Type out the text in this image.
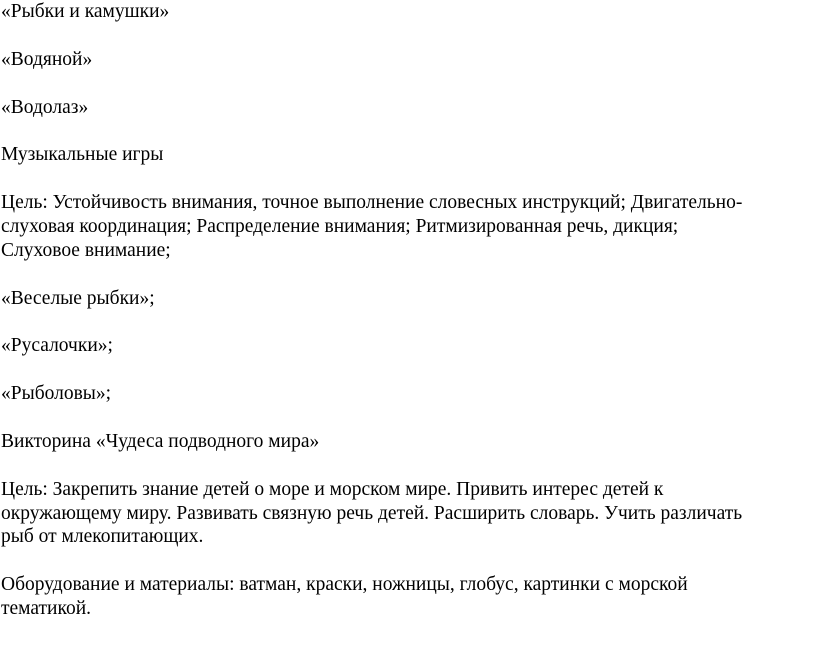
«Рыбки и камушки»

«Водяной»

«Водолаз»

Музыкальные игры

Цель: Устойчивость внимания, точное выполнение словесных инструкций; Двигательно-
слуховая координация; Распределение внимания; Ритмизированная речь, дикция;
Слуховое внимание;

«Веселые рыбки»;

«Русалочки»;

«Рыболовы»;

Викторина «Чудеса подводного мира»

Цель: Закрепить знание детей о море и морском мире. Привить интерес детей к
окружающему миру. Развивать связную речь детей. Расширить словарь. Учить различать
рыб от млекопитающих.

Оборудование и материалы: ватман, краски, ножницы, глобус, картинки с морской
тематикой.
